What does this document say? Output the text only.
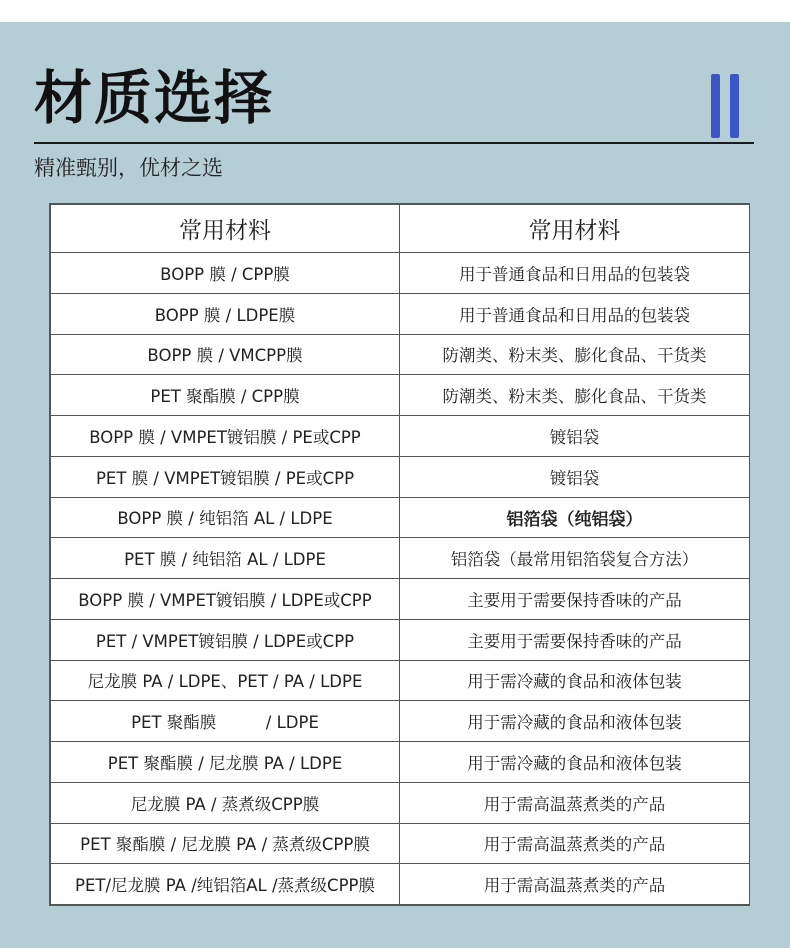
材质选择
精准甄别，优材之选
常用材料	常用材料
BOPP 膜 / CPP膜	用于普通食品和日用品的包装袋
BOPP 膜 / LDPE膜	用于普通食品和日用品的包装袋
BOPP 膜 / VMCPP膜	防潮类、粉末类、膨化食品、干货类
PET 聚酯膜 / CPP膜	防潮类、粉末类、膨化食品、干货类
BOPP 膜 / VMPET镀铝膜 / PE或CPP	镀铝袋
PET 膜 / VMPET镀铝膜 / PE或CPP	镀铝袋
BOPP 膜 / 纯铝箔 AL / LDPE	铝箔袋（纯铝袋）
PET 膜 / 纯铝箔 AL / LDPE	铝箔袋（最常用铝箔袋复合方法）
BOPP 膜 / VMPET镀铝膜 / LDPE或CPP	主要用于需要保持香味的产品
PET / VMPET镀铝膜 / LDPE或CPP	主要用于需要保持香味的产品
尼龙膜 PA / LDPE、PET / PA / LDPE	用于需冷藏的食品和液体包装
PET 聚酯膜　　　/ LDPE	用于需冷藏的食品和液体包装
PET 聚酯膜 / 尼龙膜 PA / LDPE	用于需冷藏的食品和液体包装
尼龙膜 PA / 蒸煮级CPP膜	用于需高温蒸煮类的产品
PET 聚酯膜 / 尼龙膜 PA / 蒸煮级CPP膜	用于需高温蒸煮类的产品
PET/尼龙膜 PA /纯铝箔AL /蒸煮级CPP膜	用于需高温蒸煮类的产品
